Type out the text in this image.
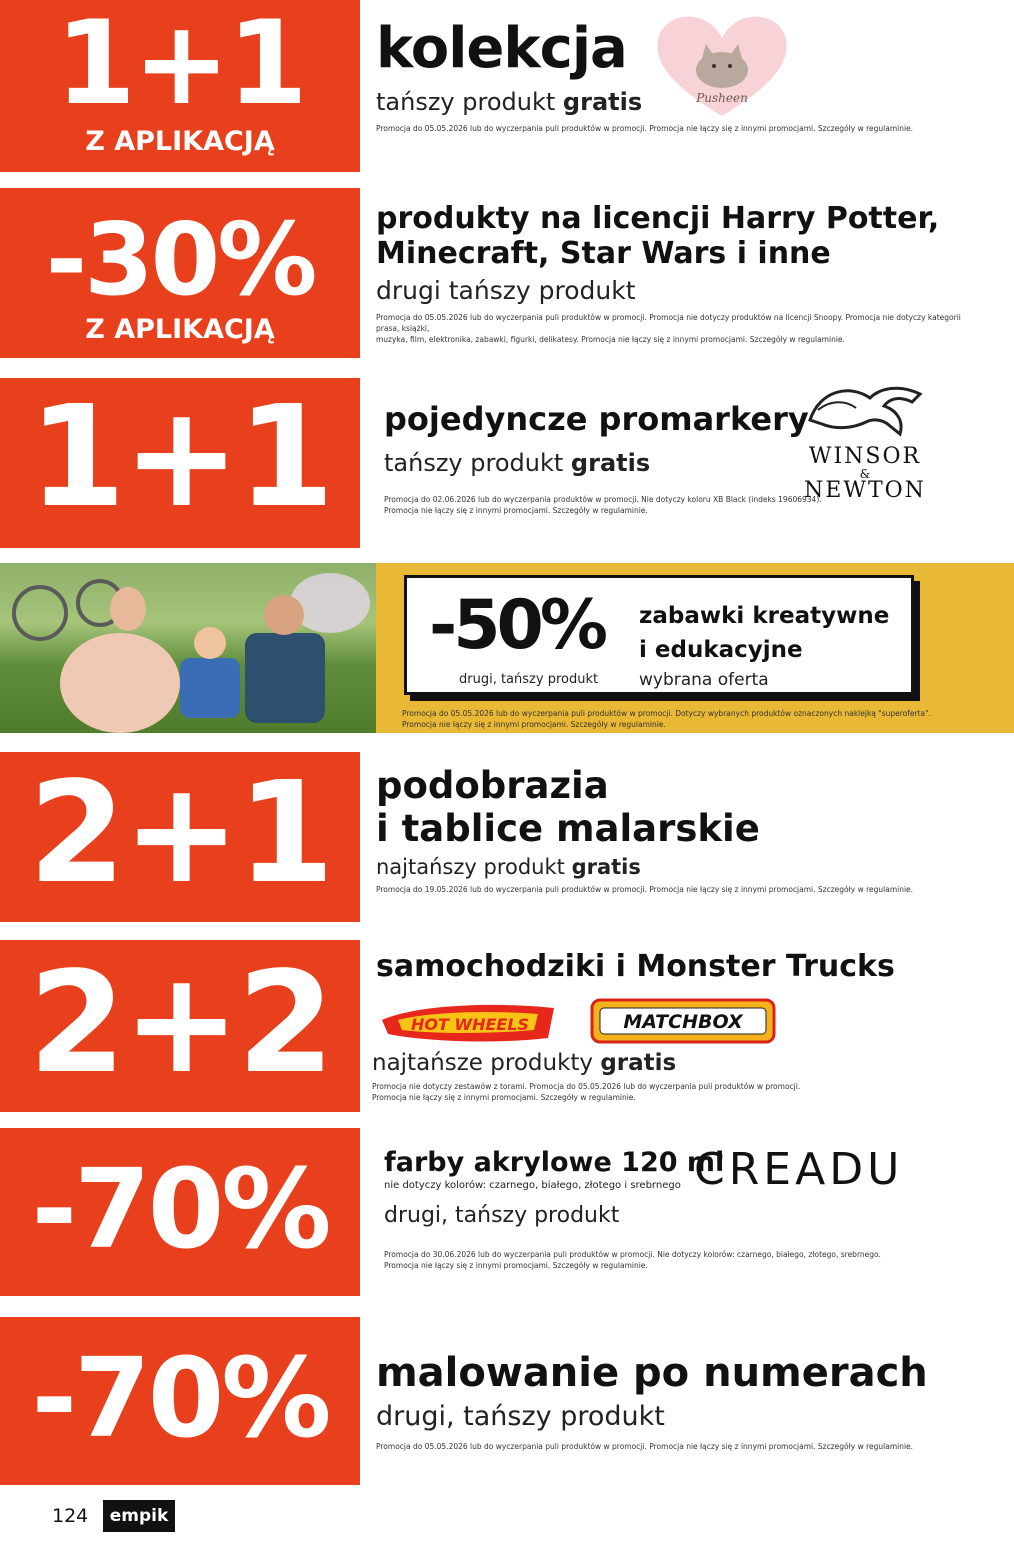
1+1
Z APLIKACJĄ
kolekcja
tańszy produkt gratis
Promocja do 05.05.2026 lub do wyczerpania puli produktów w promocji. Promocja nie łączy się z innymi promocjami. Szczegóły w regulaminie.
Pusheen
-30%
Z APLIKACJĄ
produkty na licencji Harry Potter,
Minecraft, Star Wars i inne
drugi tańszy produkt
Promocja do 05.05.2026 lub do wyczerpania puli produktów w promocji. Promocja nie dotyczy produktów na licencji Snoopy. Promocja nie dotyczy kategorii prasa, książki,
muzyka, film, elektronika, zabawki, figurki, delikatesy. Promocja nie łączy się z innymi promocjami. Szczegóły w regulaminie.
1+1	pojedyncze promarkery
tańszy produkt gratis
Promocja do 02.06.2026 lub do wyczerpania produktów w promocji. Nie dotyczy koloru XB Black (indeks 19606934).
Promocja nie łączy się z innymi promocjami. Szczegóły w regulaminie.
WINSOR
&
NEWTON
-50%
drugi, tańszy produkt
zabawki kreatywne
i edukacyjne
wybrana oferta
Promocja do 05.05.2026 lub do wyczerpania puli produktów w promocji. Dotyczy wybranych produktów oznaczonych naklejką "superoferta".
Promocja nie łączy się z innymi promocjami. Szczegóły w regulaminie.
2+1	podobrazia
i tablice malarskie
najtańszy produkt gratis
Promocja do 19.05.2026 lub do wyczerpania puli produktów w promocji. Promocja nie łączy się z innymi promocjami. Szczegóły w regulaminie.
2+2	samochodziki i Monster Trucks
HOT WHEELS	MATCHBOX
najtańsze produkty gratis
Promocja nie dotyczy zestawów z torami. Promocja do 05.05.2026 lub do wyczerpania puli produktów w promocji.
Promocja nie łączy się z innymi promocjami. Szczegóły w regulaminie.
-70%	farby akrylowe 120 ml
nie dotyczy kolorów: czarnego, białego, złotego i srebrnego
drugi, tańszy produkt
Promocja do 30.06.2026 lub do wyczerpania puli produktów w promocji. Nie dotyczy kolorów: czarnego, białego, złotego, srebrnego.
Promocja nie łączy się z innymi promocjami. Szczegóły w regulaminie.
CREADU
-70%	malowanie po numerach
drugi, tańszy produkt
Promocja do 05.05.2026 lub do wyczerpania puli produktów w promocji. Promocja nie łączy się z innymi promocjami. Szczegóły w regulaminie.
124	empik
